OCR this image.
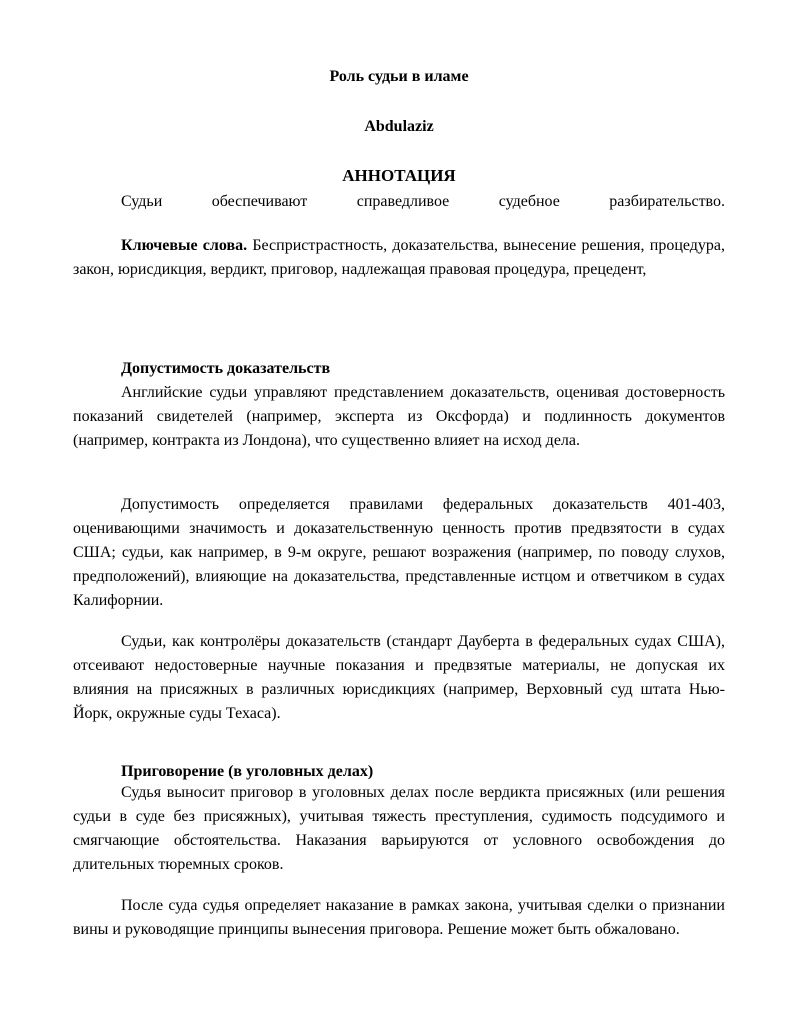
Роль судьи в иламе
Abdulaziz
АННОТАЦИЯ

Судьи обеспечивают справедливое судебное разбирательство.

Ключевые слова. Беспристрастность, доказательства, вынесение решения, процедура, закон, юрисдикция, вердикт, приговор, надлежащая правовая процедура, прецедент,

Допустимость доказательств

Английские судьи управляют представлением доказательств, оценивая достоверность показаний свидетелей (например, эксперта из Оксфорда) и подлинность документов (например, контракта из Лондона), что существенно влияет на исход дела.

Допустимость определяется правилами федеральных доказательств 401-403, оценивающими значимость и доказательственную ценность против предвзятости в судах США; судьи, как например, в 9-м округе, решают возражения (например, по поводу слухов, предположений), влияющие на доказательства, представленные истцом и ответчиком в судах Калифорнии.

Судьи, как контролёры доказательств (стандарт Дауберта в федеральных судах США), отсеивают недостоверные научные показания и предвзятые материалы, не допуская их влияния на присяжных в различных юрисдикциях (например, Верховный суд штата Нью-Йорк, окружные суды Техаса).

Приговорение (в уголовных делах)

Судья выносит приговор в уголовных делах после вердикта присяжных (или решения судьи в суде без присяжных), учитывая тяжесть преступления, судимость подсудимого и смягчающие обстоятельства. Наказания варьируются от условного освобождения до длительных тюремных сроков.

После суда судья определяет наказание в рамках закона, учитывая сделки о признании вины и руководящие принципы вынесения приговора. Решение может быть обжаловано.
